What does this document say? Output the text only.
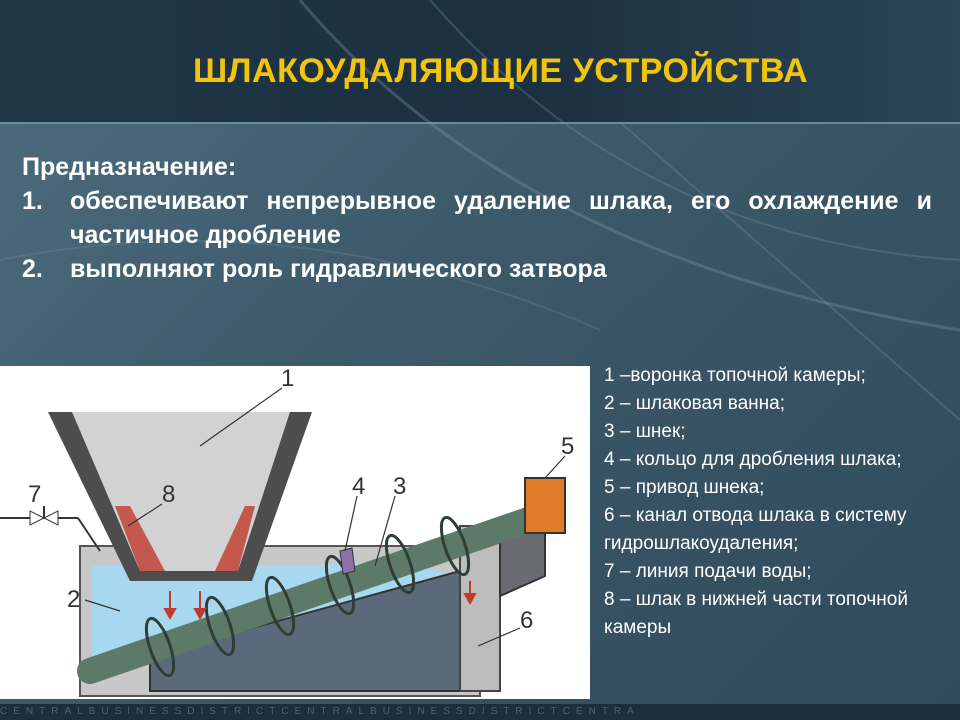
ШЛАКОУДАЛЯЮЩИЕ УСТРОЙСТВА
Предназначение:
1.	обеспечивают непрерывное удаление шлака, его охлаждение и частичное дробление
2.	выполняют роль гидравлического затвора
1
2
3
4
5
6
7	8
1 –воронка топочной камеры;
2 – шлаковая ванна;
3 – шнек;
4 – кольцо для дробления шлака;
5 – привод шнека;
6 – канал отвода шлака в систему гидрошлакоудаления;
7 – линия подачи воды;
8 – шлак в нижней части топочной камеры
CENTRALBUSINESSDISTRICTCENTRALBUSINESSDISTRICTCENTRA
